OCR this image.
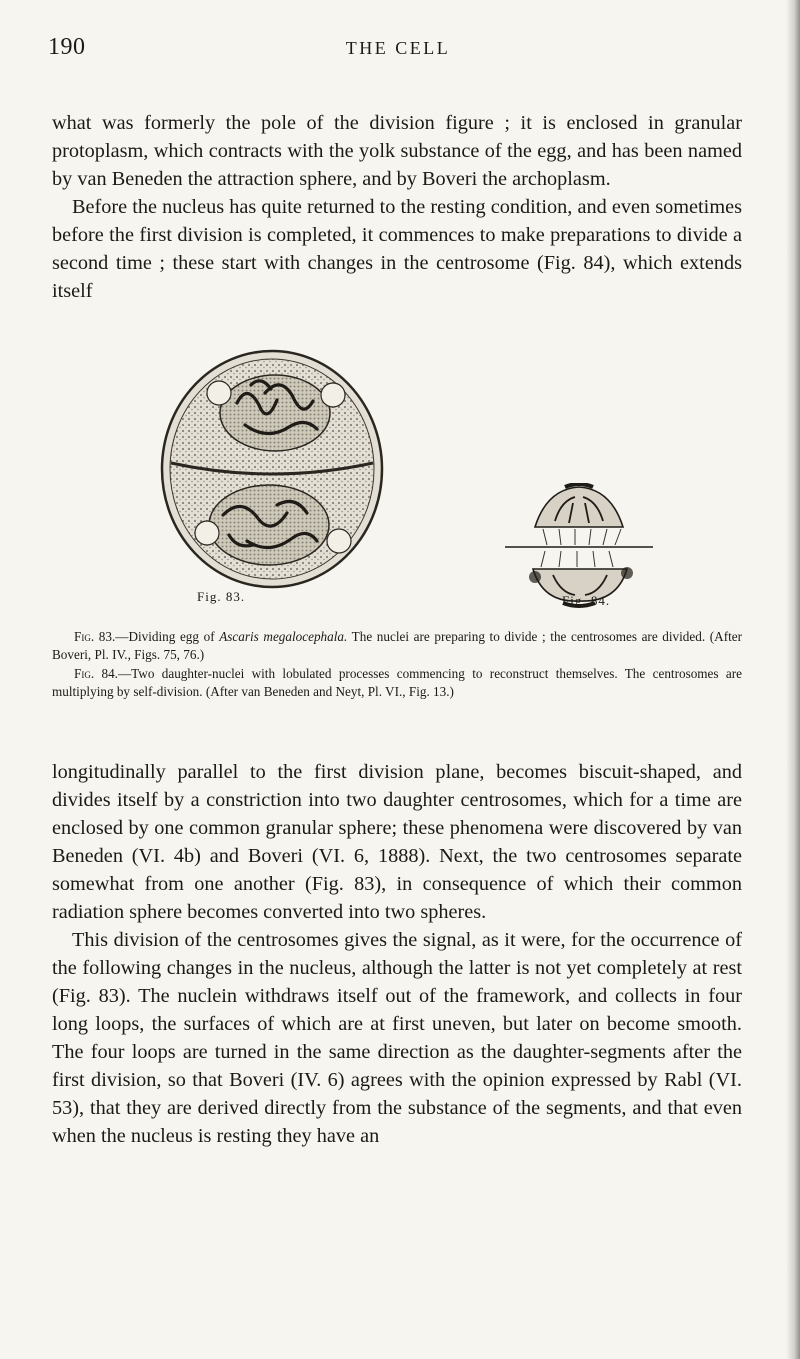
190	THE CELL

what was formerly the pole of the division figure ; it is enclosed in granular protoplasm, which contracts with the yolk substance of the egg, and has been named by van Beneden the attraction sphere, and by Boveri the archoplasm.

Before the nucleus has quite returned to the resting condition, and even sometimes before the first division is completed, it commences to make preparations to divide a second time ; these start with changes in the centrosome (Fig. 84), which extends itself

Fig. 83.	Fig. 84.

Fig. 83.—Dividing egg of Ascaris megalocephala. The nuclei are preparing to divide ; the centrosomes are divided. (After Boveri, Pl. IV., Figs. 75, 76.)

Fig. 84.—Two daughter-nuclei with lobulated processes commencing to reconstruct themselves. The centrosomes are multiplying by self-division. (After van Beneden and Neyt, Pl. VI., Fig. 13.)

longitudinally parallel to the first division plane, becomes biscuit-shaped, and divides itself by a constriction into two daughter centrosomes, which for a time are enclosed by one common granular sphere; these phenomena were discovered by van Beneden (VI. 4b) and Boveri (VI. 6, 1888). Next, the two centrosomes separate somewhat from one another (Fig. 83), in consequence of which their common radiation sphere becomes converted into two spheres.

This division of the centrosomes gives the signal, as it were, for the occurrence of the following changes in the nucleus, although the latter is not yet completely at rest (Fig. 83). The nuclein withdraws itself out of the framework, and collects in four long loops, the surfaces of which are at first uneven, but later on become smooth. The four loops are turned in the same direction as the daughter-segments after the first division, so that Boveri (IV. 6) agrees with the opinion expressed by Rabl (VI. 53), that they are derived directly from the substance of the segments, and that even when the nucleus is resting they have an
